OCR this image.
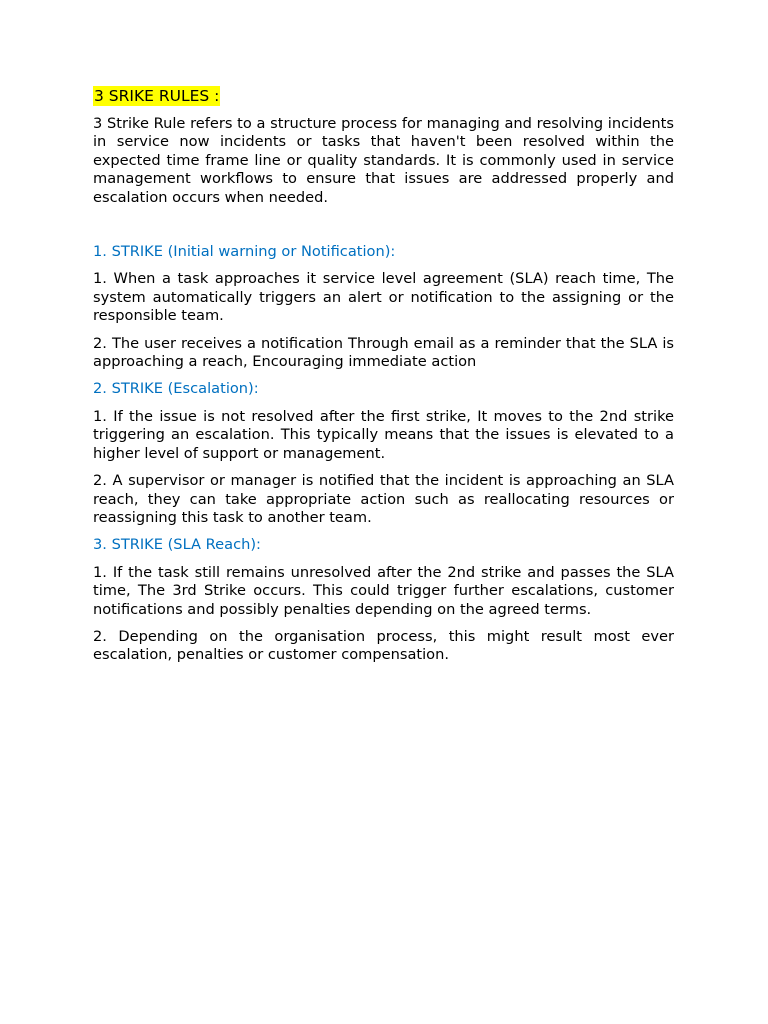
3 SRIKE RULES :

3 Strike Rule refers to a structure process for managing and resolving incidents in service now incidents or tasks that haven't been resolved within the expected time frame line or quality standards. It is commonly used in service management workflows to ensure that issues are addressed properly and escalation occurs when needed.

1. STRIKE (Initial warning or Notification):

1. When a task approaches it service level agreement (SLA) reach time, The system automatically triggers an alert or notification to the assigning or the responsible team.

2. The user receives a notification Through email as a reminder that the SLA is approaching a reach, Encouraging immediate action

2. STRIKE (Escalation):

1. If the issue is not resolved after the first strike, It moves to the 2nd strike triggering an escalation. This typically means that the issues is elevated to a higher level of support or management.

2. A supervisor or manager is notified that the incident is approaching an SLA reach, they can take appropriate action such as reallocating resources or reassigning this task to another team.

3. STRIKE (SLA Reach):

1. If the task still remains unresolved after the 2nd strike and passes the SLA time, The 3rd Strike occurs. This could trigger further escalations, customer notifications and possibly penalties depending on the agreed terms.

2. Depending on the organisation process, this might result most ever escalation, penalties or customer compensation.
